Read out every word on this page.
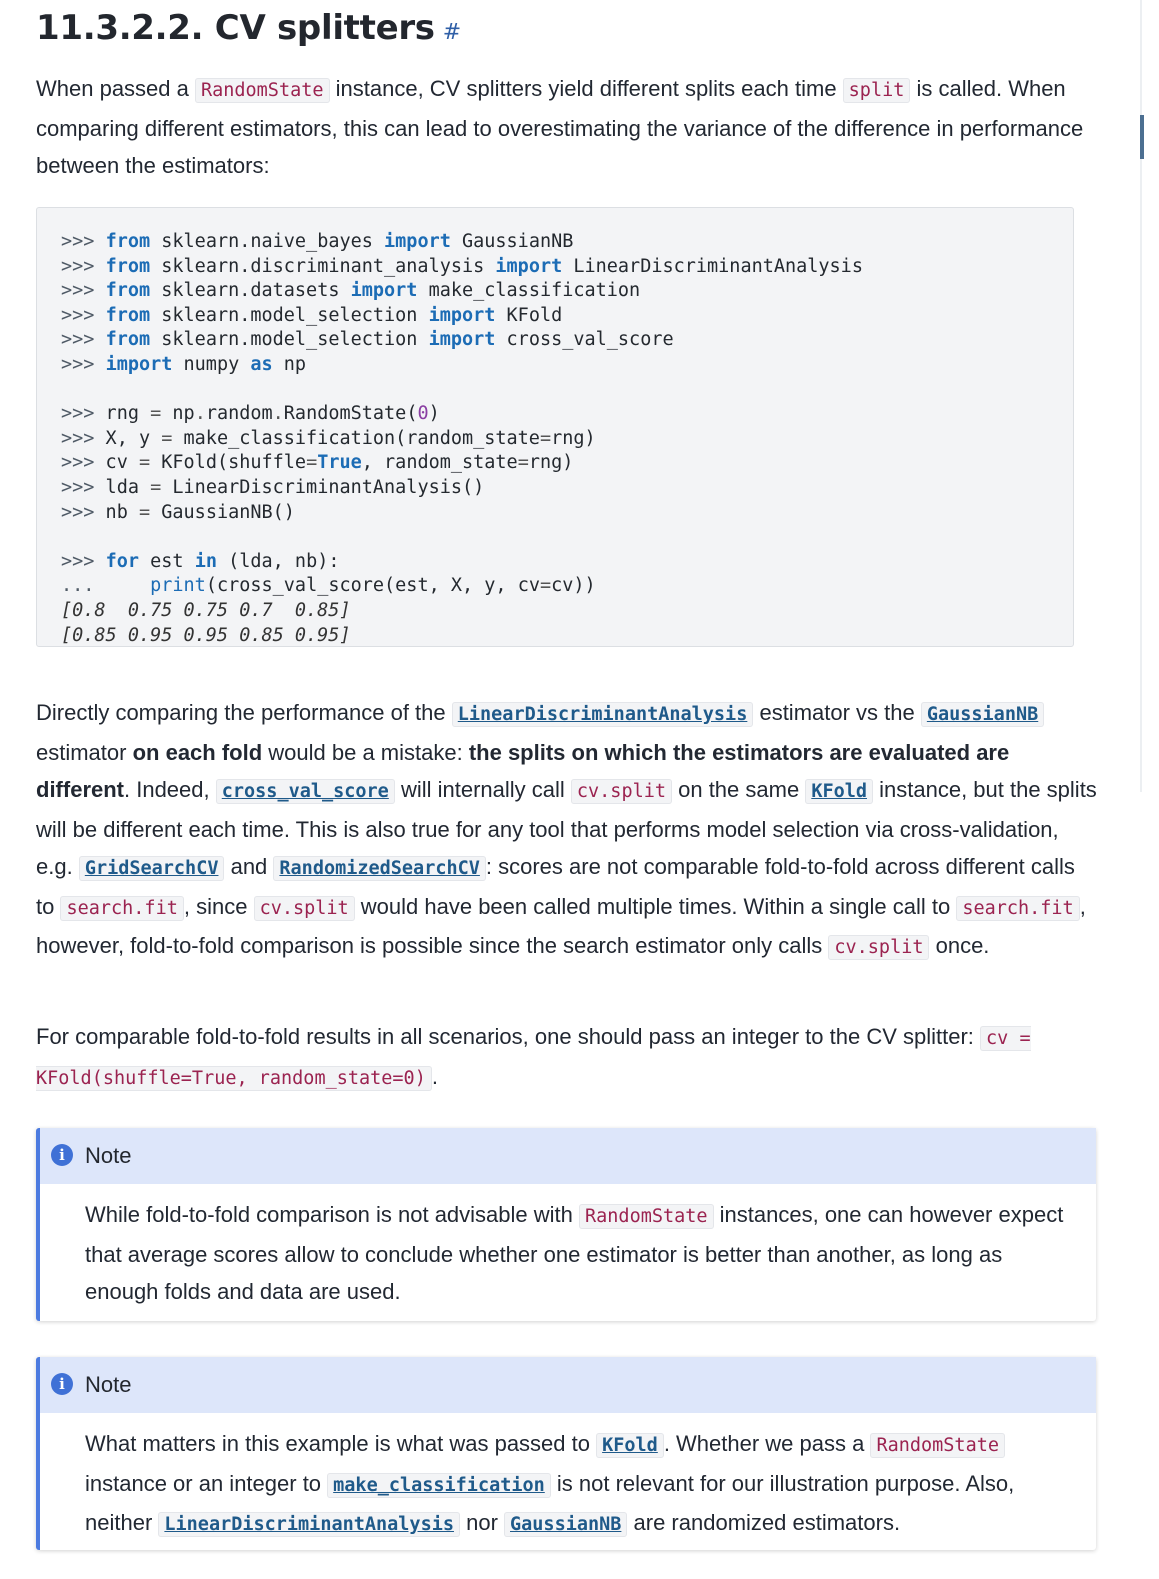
11.3.2.2. CV splitters #

When passed a RandomState instance, CV splitters yield different splits each time split is called. When comparing different estimators, this can lead to overestimating the variance of the difference in performance between the estimators:

>>> from sklearn.naive_bayes import GaussianNB
>>> from sklearn.discriminant_analysis import LinearDiscriminantAnalysis
>>> from sklearn.datasets import make_classification
>>> from sklearn.model_selection import KFold
>>> from sklearn.model_selection import cross_val_score
>>> import numpy as np

>>> rng = np.random.RandomState(0)
>>> X, y = make_classification(random_state=rng)
>>> cv = KFold(shuffle=True, random_state=rng)
>>> lda = LinearDiscriminantAnalysis()
>>> nb = GaussianNB()

>>> for est in (lda, nb):
...	print(cross_val_score(est, X, y, cv=cv))
[0.8  0.75 0.75 0.7  0.85]
[0.85 0.95 0.95 0.85 0.95]

Directly comparing the performance of the LinearDiscriminantAnalysis estimator vs the GaussianNB estimator on each fold would be a mistake: the splits on which the estimators are evaluated are different. Indeed, cross_val_score will internally call cv.split on the same KFold instance, but the splits will be different each time. This is also true for any tool that performs model selection via cross-validation, e.g. GridSearchCV and RandomizedSearchCV : scores are not comparable fold-to-fold across different calls to search.fit , since cv.split would have been called multiple times. Within a single call to search.fit , however, fold-to-fold comparison is possible since the search estimator only calls cv.split once.

For comparable fold-to-fold results in all scenarios, one should pass an integer to the CV splitter: cv = KFold(shuffle=True, random_state=0) .

i Note
While fold-to-fold comparison is not advisable with RandomState instances, one can however expect that average scores allow to conclude whether one estimator is better than another, as long as enough folds and data are used.
i Note
What matters in this example is what was passed to KFold . Whether we pass a RandomState instance or an integer to make_classification is not relevant for our illustration purpose. Also, neither LinearDiscriminantAnalysis nor GaussianNB are randomized estimators.
